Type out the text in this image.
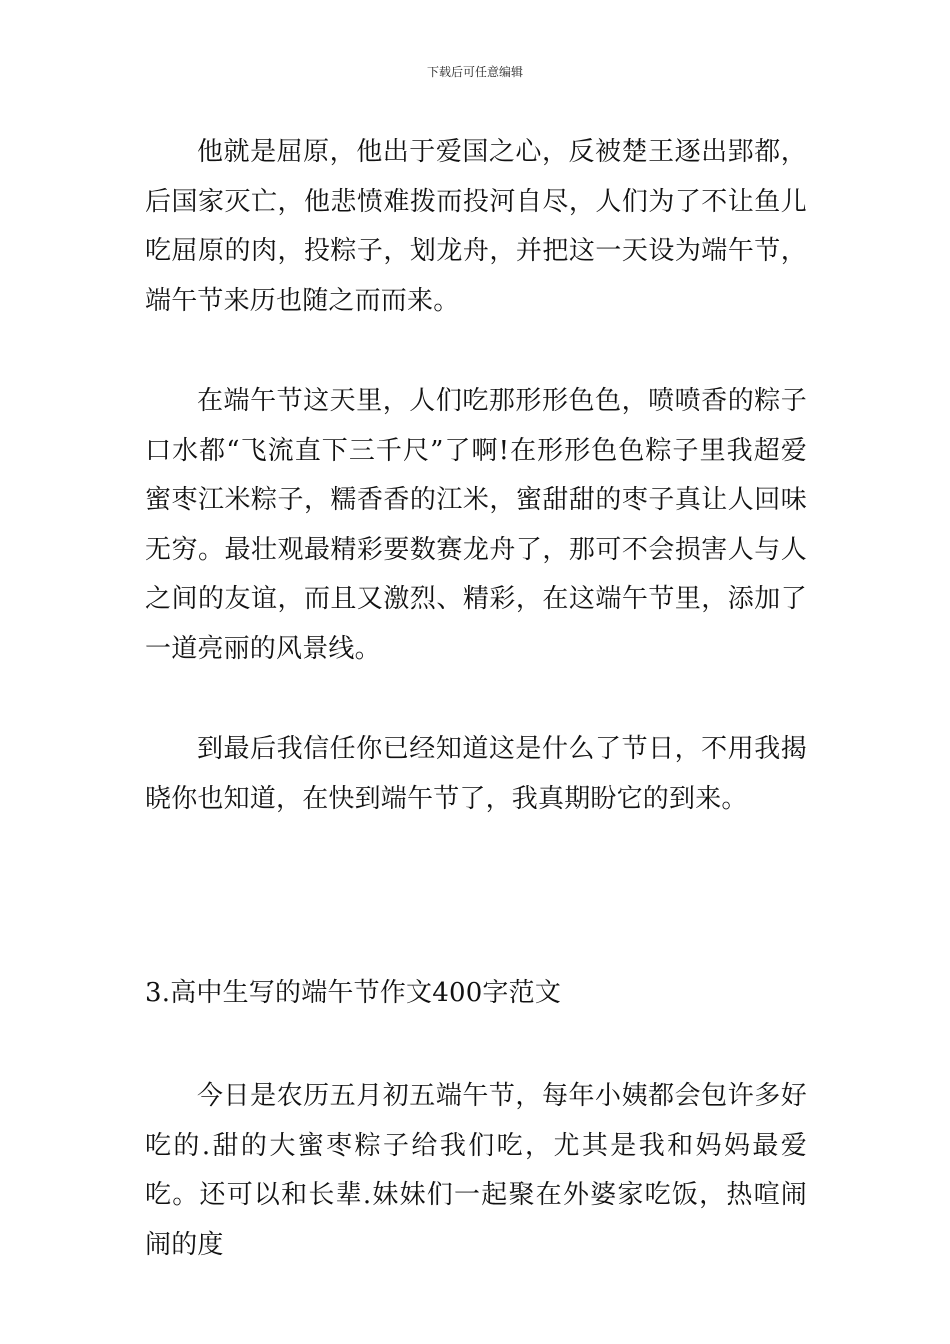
下载后可任意编辑

他就是屈原，他出于爱国之心，反被楚王逐出郢都，后国家灭亡，他悲愤难拨而投河自尽，人们为了不让鱼儿吃屈原的肉，投粽子，划龙舟，并把这一天设为端午节，端午节来历也随之而而来。

在端午节这天里，人们吃那形形色色，喷喷香的粽子口水都“飞流直下三千尺”了啊!在形形色色粽子里我超爱蜜枣江米粽子，糯香香的江米，蜜甜甜的枣子真让人回味无穷。最壮观最精彩要数赛龙舟了，那可不会损害人与人之间的友谊，而且又激烈、精彩，在这端午节里，添加了一道亮丽的风景线。

到最后我信任你已经知道这是什么了节日，不用我揭晓你也知道，在快到端午节了，我真期盼它的到来。

3.高中生写的端午节作文400字范文

今日是农历五月初五端午节，每年小姨都会包许多好吃的.甜的大蜜枣粽子给我们吃，尤其是我和妈妈最爱吃。还可以和长辈.妹妹们一起聚在外婆家吃饭，热喧闹闹的度
